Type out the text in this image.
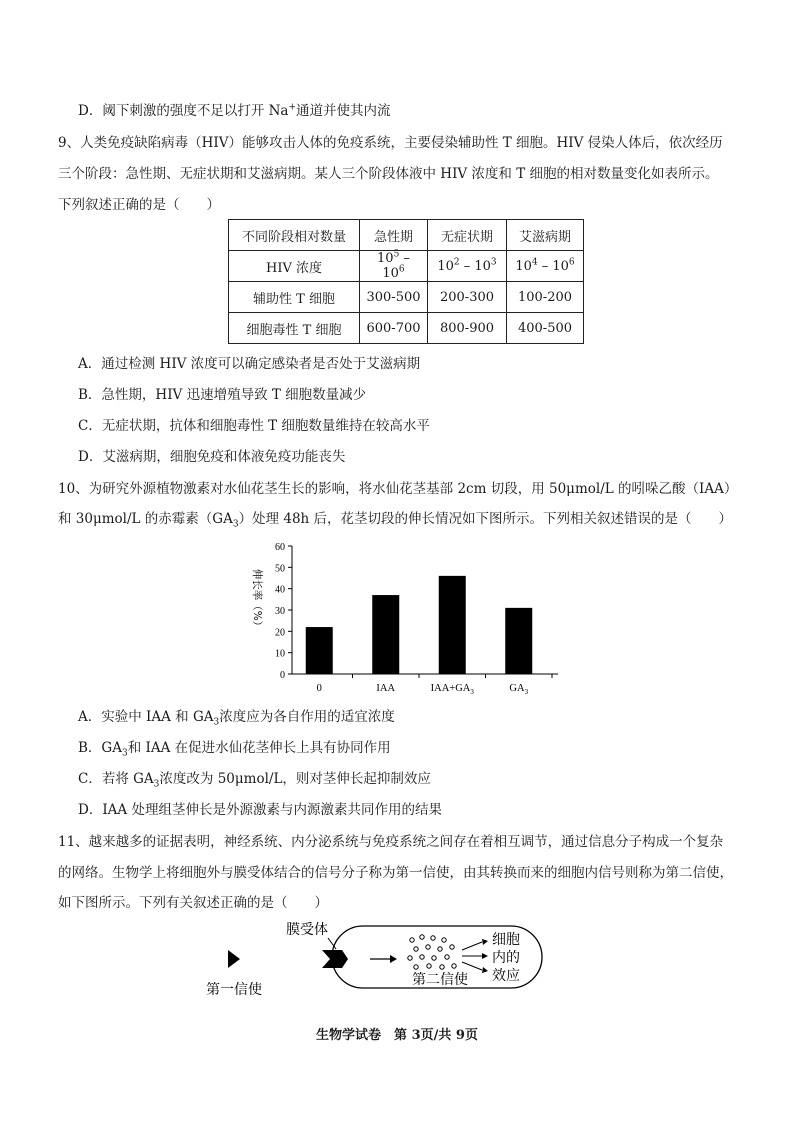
D．阈下刺激的强度不足以打开 Na+通道并使其内流
9、人类免疫缺陷病毒（HIV）能够攻击人体的免疫系统，主要侵染辅助性 T 细胞。HIV 侵染人体后，依次经历
三个阶段：急性期、无症状期和艾滋病期。某人三个阶段体液中 HIV 浓度和 T 细胞的相对数量变化如表所示。
下列叙述正确的是（　　）
不同阶段相对数量	急性期	无症状期	艾滋病期
HIV 浓度	$10^5 - 10^6$	$10^2 - 10^3$	$10^4 - 10^6$
辅助性 T 细胞	300-500	200-300	100-200
细胞毒性 T 细胞	600-700	800-900	400-500
A．通过检测 HIV 浓度可以确定感染者是否处于艾滋病期
B．急性期，HIV 迅速增殖导致 T 细胞数量减少
C．无症状期，抗体和细胞毒性 T 细胞数量维持在较高水平
D．艾滋病期，细胞免疫和体液免疫功能丧失
10、为研究外源植物激素对水仙花茎生长的影响，将水仙花茎基部 2cm 切段，用 50μmol/L 的吲哚乙酸（IAA）
和 30μmol/L 的赤霉素$(GA_3)$处理 48h 后，花茎切段的伸长情况如下图所示。下列相关叙述错误的是（　　）
0
10
20
30
40
50
60
0	IAA	$IAA+GA_3$	$GA_3$
伸长率（%）
A．实验中 IAA 和 $GA_3$浓度应为各自作用的适宜浓度
B．$GA_3$和 IAA 在促进水仙花茎伸长上具有协同作用
C．若将 $GA_3$浓度改为 50μmol/L，则对茎伸长起抑制效应
D．IAA 处理组茎伸长是外源激素与内源激素共同作用的结果
11、越来越多的证据表明，神经系统、内分泌系统与免疫系统之间存在着相互调节，通过信息分子构成一个复杂
的网络。生物学上将细胞外与膜受体结合的信号分子称为第一信使，由其转换而来的细胞内信号则称为第二信使，
如下图所示。下列有关叙述正确的是（　　）
第一信使
膜受体
第二信使
细胞
内的
效应
生物学试卷　第 3页/共 9页
